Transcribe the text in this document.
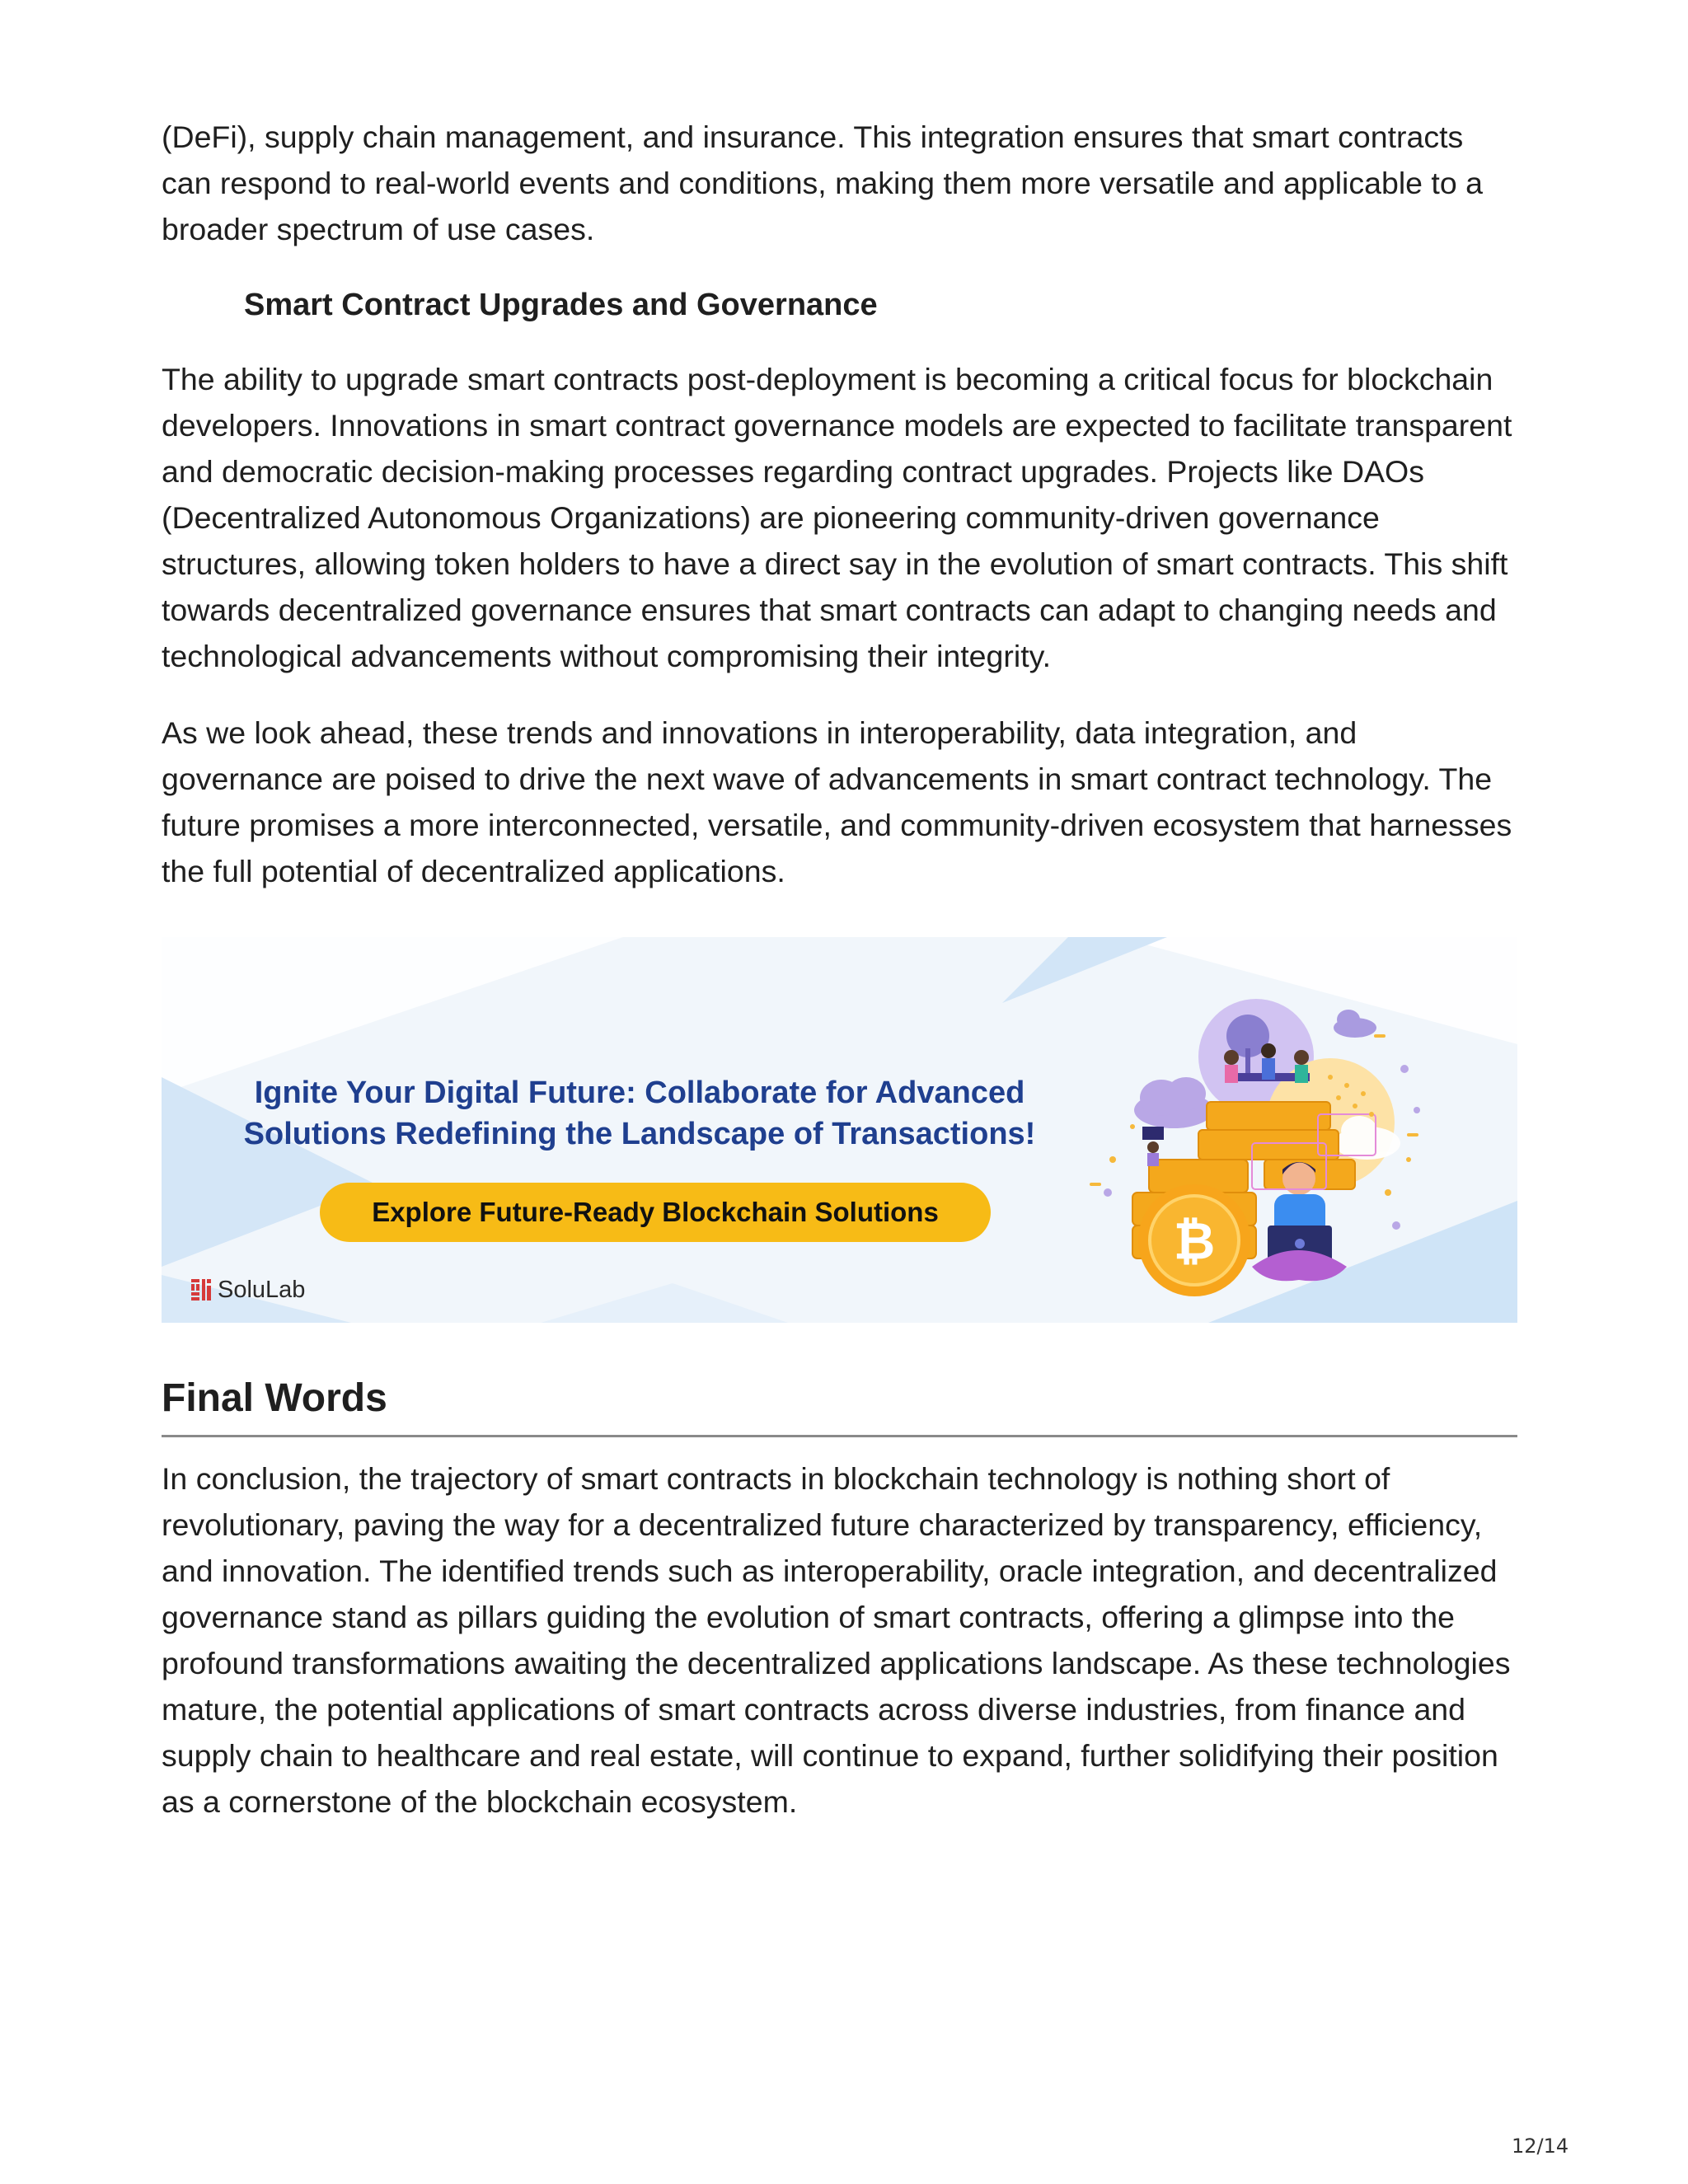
(DeFi), supply chain management, and insurance. This integration ensures that smart contracts can respond to real-world events and conditions, making them more versatile and applicable to a broader spectrum of use cases.

Smart Contract Upgrades and Governance

The ability to upgrade smart contracts post-deployment is becoming a critical focus for blockchain developers. Innovations in smart contract governance models are expected to facilitate transparent and democratic decision-making processes regarding contract upgrades. Projects like DAOs (Decentralized Autonomous Organizations) are pioneering community-driven governance structures, allowing token holders to have a direct say in the evolution of smart contracts. This shift towards decentralized governance ensures that smart contracts can adapt to changing needs and technological advancements without compromising their integrity.

As we look ahead, these trends and innovations in interoperability, data integration, and governance are poised to drive the next wave of advancements in smart contract technology. The future promises a more interconnected, versatile, and community-driven ecosystem that harnesses the full potential of decentralized applications.

Ignite Your Digital Future: Collaborate for Advanced
Solutions Redefining the Landscape of Transactions!
Explore Future-Ready Blockchain Solutions
SoluLab
₿
Final Words

In conclusion, the trajectory of smart contracts in blockchain technology is nothing short of revolutionary, paving the way for a decentralized future characterized by transparency, efficiency, and innovation. The identified trends such as interoperability, oracle integration, and decentralized governance stand as pillars guiding the evolution of smart contracts, offering a glimpse into the profound transformations awaiting the decentralized applications landscape. As these technologies mature, the potential applications of smart contracts across diverse industries, from finance and supply chain to healthcare and real estate, will continue to expand, further solidifying their position as a cornerstone of the blockchain ecosystem.

12/14
